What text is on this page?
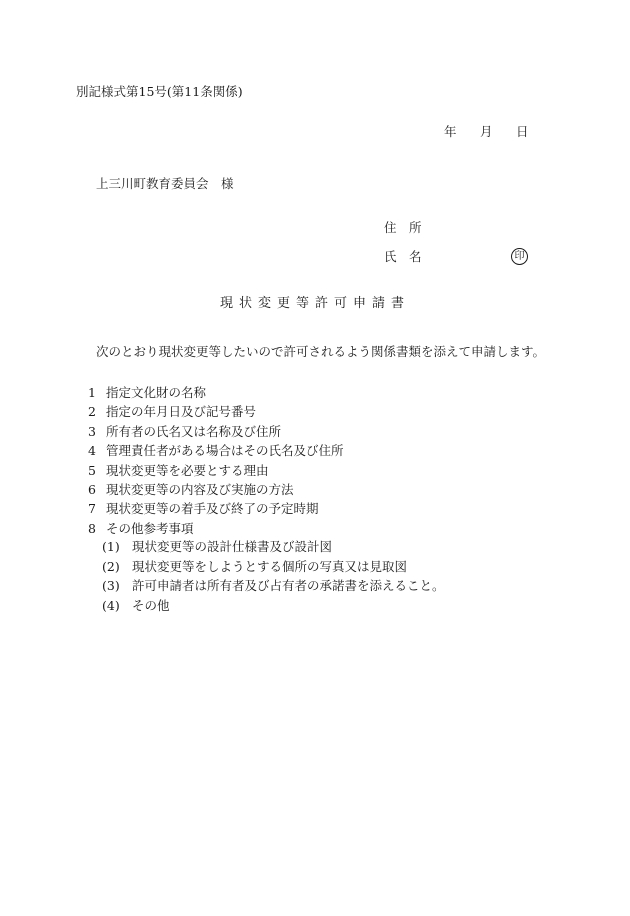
別記様式第15号(第11条関係)
年 月 日
上三川町教育委員会　様
住　所
氏　名	印
現状変更等許可申請書
次のとおり現状変更等したいので許可されるよう関係書類を添えて申請します。
1 指定文化財の名称
2 指定の年月日及び記号番号
3 所有者の氏名又は名称及び住所
4 管理責任者がある場合はその氏名及び住所
5 現状変更等を必要とする理由
6 現状変更等の内容及び実施の方法
7 現状変更等の着手及び終了の予定時期
8 その他参考事項
(1) 現状変更等の設計仕様書及び設計図
(2) 現状変更等をしようとする個所の写真又は見取図
(3) 許可申請者は所有者及び占有者の承諾書を添えること。
(4) その他
